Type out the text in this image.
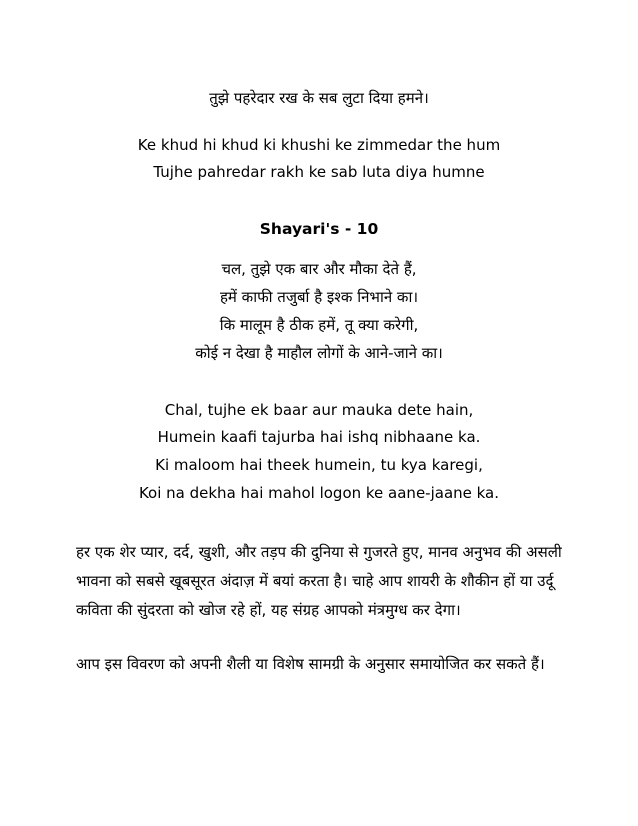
तुझे पहरेदार रख के सब लुटा दिया हमने।
Ke khud hi khud ki khushi ke zimmedar the hum
Tujhe pahredar rakh ke sab luta diya humne
Shayari's - 10
चल, तुझे एक बार और मौका देते हैं,
हमें काफी तजुर्बा है इश्क निभाने का।
कि मालूम है ठीक हमें, तू क्या करेगी,
कोई न देखा है माहौल लोगों के आने-जाने का।
Chal, tujhe ek baar aur mauka dete hain,
Humein kaafi tajurba hai ishq nibhaane ka.
Ki maloom hai theek humein, tu kya karegi,
Koi na dekha hai mahol logon ke aane-jaane ka.
हर एक शेर प्यार, दर्द, खुशी, और तड़प की दुनिया से गुजरते हुए, मानव अनुभव की असली भावना को सबसे खूबसूरत अंदाज़ में बयां करता है। चाहे आप शायरी के शौकीन हों या उर्दू कविता की सुंदरता को खोज रहे हों, यह संग्रह आपको मंत्रमुग्ध कर देगा।
आप इस विवरण को अपनी शैली या विशेष सामग्री के अनुसार समायोजित कर सकते हैं।
